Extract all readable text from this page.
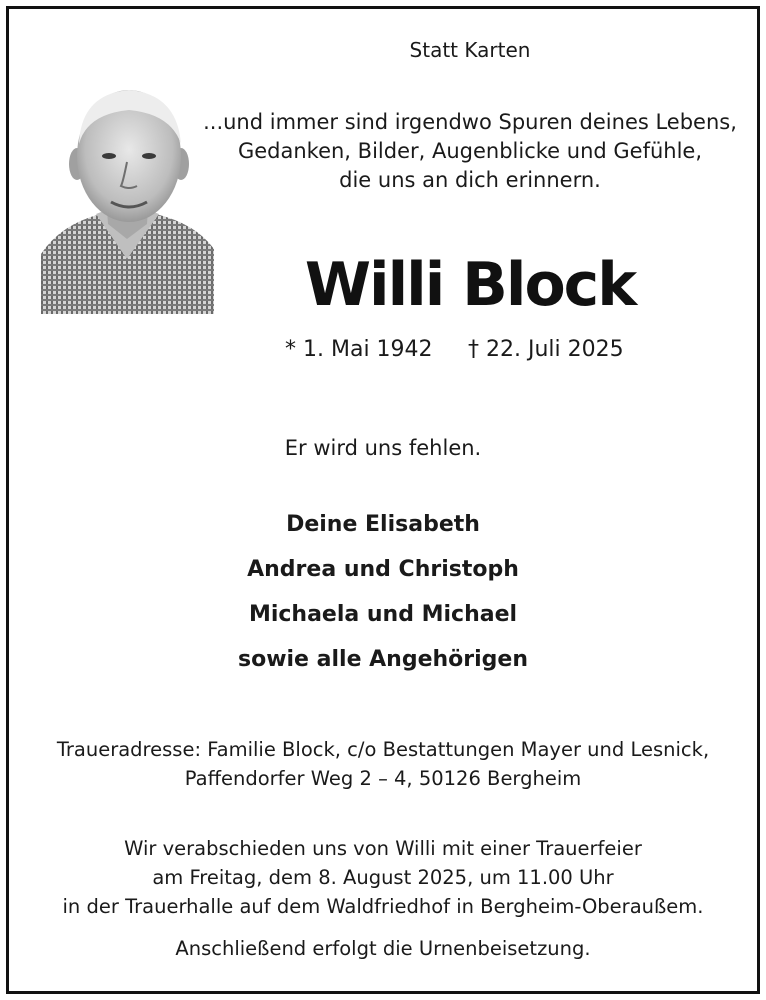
Statt Karten
...und immer sind irgendwo Spuren deines Lebens,
Gedanken, Bilder, Augenblicke und Gefühle,
die uns an dich erinnern.
Willi Block
* 1. Mai 1942 † 22. Juli 2025
Er wird uns fehlen.
Deine Elisabeth
Andrea und Christoph
Michaela und Michael
sowie alle Angehörigen
Traueradresse: Familie Block, c/o Bestattungen Mayer und Lesnick,
Paffendorfer Weg 2 – 4, 50126 Bergheim
Wir verabschieden uns von Willi mit einer Trauerfeier
am Freitag, dem 8. August 2025, um 11.00 Uhr
in der Trauerhalle auf dem Waldfriedhof in Bergheim-Oberaußem.
Anschließend erfolgt die Urnenbeisetzung.
